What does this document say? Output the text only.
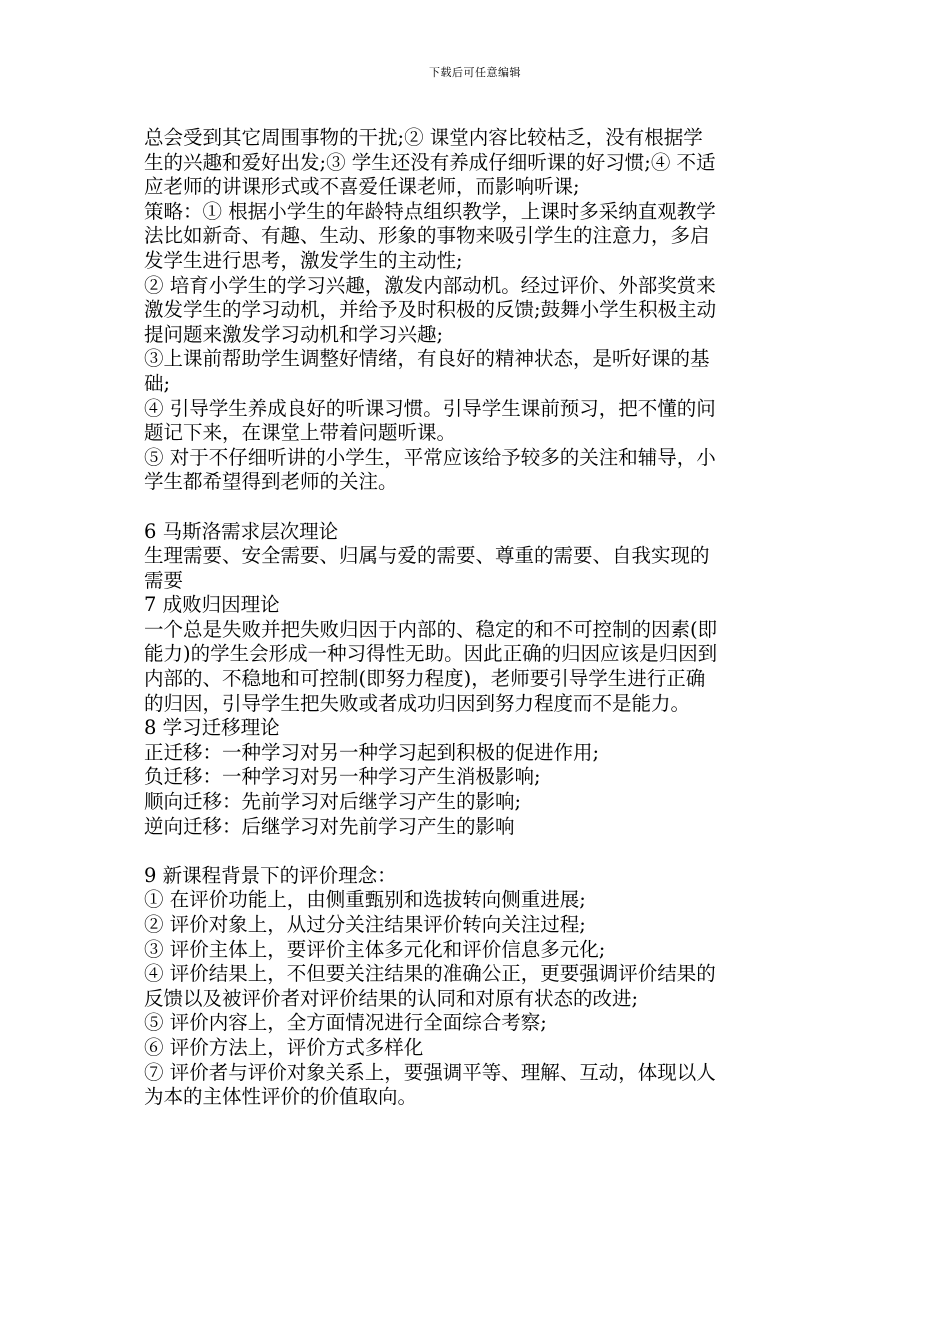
下载后可任意编辑
总会受到其它周围事物的干扰;② 课堂内容比较枯乏，没有根据学
生的兴趣和爱好出发;③ 学生还没有养成仔细听课的好习惯;④ 不适
应老师的讲课形式或不喜爱任课老师，而影响听课;
策略：① 根据小学生的年龄特点组织教学，上课时多采纳直观教学
法比如新奇、有趣、生动、形象的事物来吸引学生的注意力，多启
发学生进行思考，激发学生的主动性;
② 培育小学生的学习兴趣，激发内部动机。经过评价、外部奖赏来
激发学生的学习动机，并给予及时积极的反馈;鼓舞小学生积极主动
提问题来激发学习动机和学习兴趣;
③上课前帮助学生调整好情绪，有良好的精神状态，是听好课的基
础;
④ 引导学生养成良好的听课习惯。引导学生课前预习，把不懂的问
题记下来，在课堂上带着问题听课。
⑤ 对于不仔细听讲的小学生，平常应该给予较多的关注和辅导，小
学生都希望得到老师的关注。
6 马斯洛需求层次理论
生理需要、安全需要、归属与爱的需要、尊重的需要、自我实现的
需要
7 成败归因理论
一个总是失败并把失败归因于内部的、稳定的和不可控制的因素(即
能力)的学生会形成一种习得性无助。因此正确的归因应该是归因到
内部的、不稳地和可控制(即努力程度)，老师要引导学生进行正确
的归因，引导学生把失败或者成功归因到努力程度而不是能力。
8 学习迁移理论
正迁移：一种学习对另一种学习起到积极的促进作用;
负迁移：一种学习对另一种学习产生消极影响;
顺向迁移：先前学习对后继学习产生的影响;
逆向迁移：后继学习对先前学习产生的影响
9 新课程背景下的评价理念：
① 在评价功能上，由侧重甄别和选拔转向侧重进展;
② 评价对象上，从过分关注结果评价转向关注过程;
③ 评价主体上，要评价主体多元化和评价信息多元化;
④ 评价结果上，不但要关注结果的准确公正，更要强调评价结果的
反馈以及被评价者对评价结果的认同和对原有状态的改进;
⑤ 评价内容上，全方面情况进行全面综合考察;
⑥ 评价方法上，评价方式多样化
⑦ 评价者与评价对象关系上，要强调平等、理解、互动，体现以人
为本的主体性评价的价值取向。
